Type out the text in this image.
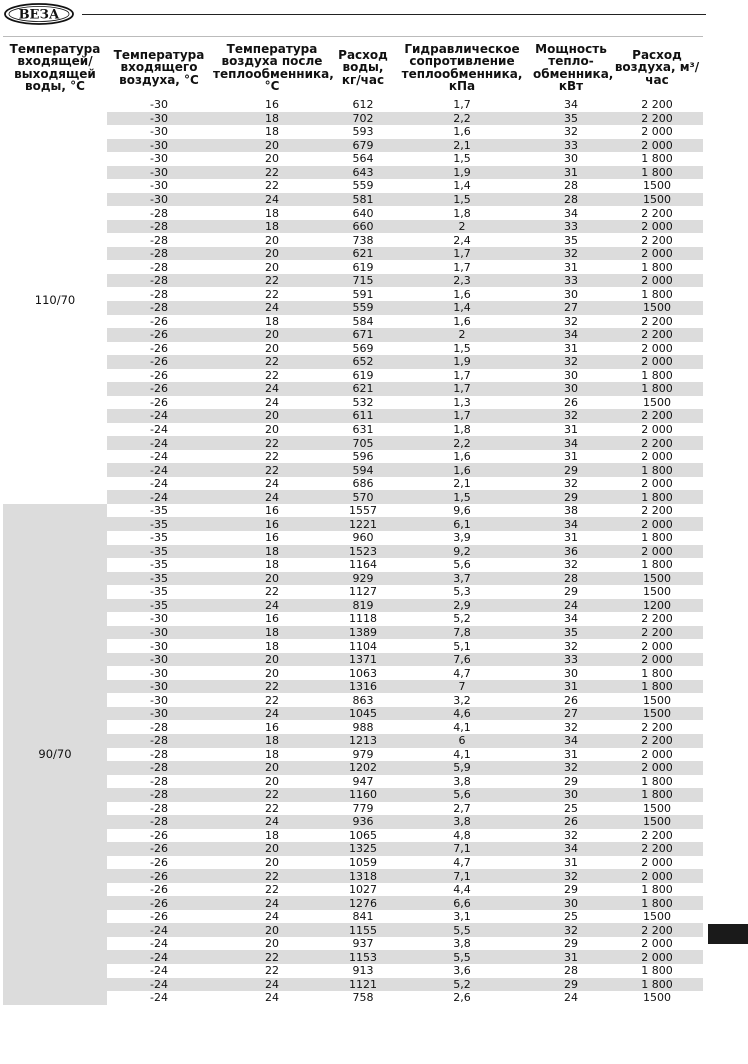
ВЕЗА
Температура входящей/ выходящей воды, °С	Температура входящего воздуха, °С	Температура воздуха после теплообменника, °С	Расход воды, кг/час	Гидравлическое сопротивление теплообменника, кПа	Мощность тепло-обменника, кВт	Расход воздуха, м³/час
110/70	-30	16	612	1,7	34	2 200
	-30	18	702	2,2	35	2 200
	-30	18	593	1,6	32	2 000
	-30	20	679	2,1	33	2 000
	-30	20	564	1,5	30	1 800
	-30	22	643	1,9	31	1 800
	-30	22	559	1,4	28	1500
	-30	24	581	1,5	28	1500
	-28	18	640	1,8	34	2 200
	-28	18	660	2	33	2 000
	-28	20	738	2,4	35	2 200
	-28	20	621	1,7	32	2 000
	-28	20	619	1,7	31	1 800
	-28	22	715	2,3	33	2 000
	-28	22	591	1,6	30	1 800
	-28	24	559	1,4	27	1500
	-26	18	584	1,6	32	2 200
	-26	20	671	2	34	2 200
	-26	20	569	1,5	31	2 000
	-26	22	652	1,9	32	2 000
	-26	22	619	1,7	30	1 800
	-26	24	621	1,7	30	1 800
	-26	24	532	1,3	26	1500
	-24	20	611	1,7	32	2 200
	-24	20	631	1,8	31	2 000
	-24	22	705	2,2	34	2 200
	-24	22	596	1,6	31	2 000
	-24	22	594	1,6	29	1 800
	-24	24	686	2,1	32	2 000
	-24	24	570	1,5	29	1 800
90/70	-35	16	1557	9,6	38	2 200
	-35	16	1221	6,1	34	2 000
	-35	16	960	3,9	31	1 800
	-35	18	1523	9,2	36	2 000
	-35	18	1164	5,6	32	1 800
	-35	20	929	3,7	28	1500
	-35	22	1127	5,3	29	1500
	-35	24	819	2,9	24	1200
	-30	16	1118	5,2	34	2 200
	-30	18	1389	7,8	35	2 200
	-30	18	1104	5,1	32	2 000
	-30	20	1371	7,6	33	2 000
	-30	20	1063	4,7	30	1 800
	-30	22	1316	7	31	1 800
	-30	22	863	3,2	26	1500
	-30	24	1045	4,6	27	1500
	-28	16	988	4,1	32	2 200
	-28	18	1213	6	34	2 200
	-28	18	979	4,1	31	2 000
	-28	20	1202	5,9	32	2 000
	-28	20	947	3,8	29	1 800
	-28	22	1160	5,6	30	1 800
	-28	22	779	2,7	25	1500
	-28	24	936	3,8	26	1500
	-26	18	1065	4,8	32	2 200
	-26	20	1325	7,1	34	2 200
	-26	20	1059	4,7	31	2 000
	-26	22	1318	7,1	32	2 000
	-26	22	1027	4,4	29	1 800
	-26	24	1276	6,6	30	1 800
	-26	24	841	3,1	25	1500
	-24	20	1155	5,5	32	2 200
	-24	20	937	3,8	29	2 000
	-24	22	1153	5,5	31	2 000
	-24	22	913	3,6	28	1 800
	-24	24	1121	5,2	29	1 800
	-24	24	758	2,6	24	1500
